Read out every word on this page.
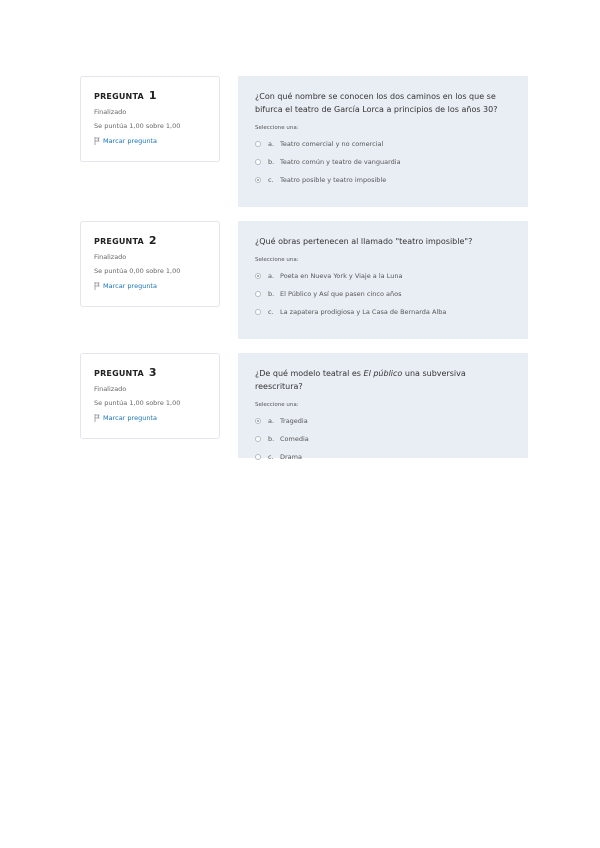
PREGUNTA 1
Finalizado
Se puntúa 1,00 sobre 1,00
Marcar pregunta
¿Con qué nombre se conocen los dos caminos en los que se bifurca el teatro de García Lorca a principios de los años 30?
Seleccione una:
a. Teatro comercial y no comercial
b. Teatro común y teatro de vanguardia
c. Teatro posible y teatro imposible
PREGUNTA 2
Finalizado
Se puntúa 0,00 sobre 1,00
Marcar pregunta
¿Qué obras pertenecen al llamado "teatro imposible"?
Seleccione una:
a. Poeta en Nueva York y Viaje a la Luna
b. El Público y Así que pasen cinco años
c. La zapatera prodigiosa y La Casa de Bernarda Alba
PREGUNTA 3
Finalizado
Se puntúa 1,00 sobre 1,00
Marcar pregunta
¿De qué modelo teatral es El público una subversiva reescritura?
Seleccione una:
a. Tragedia
b. Comedia
c. Drama
